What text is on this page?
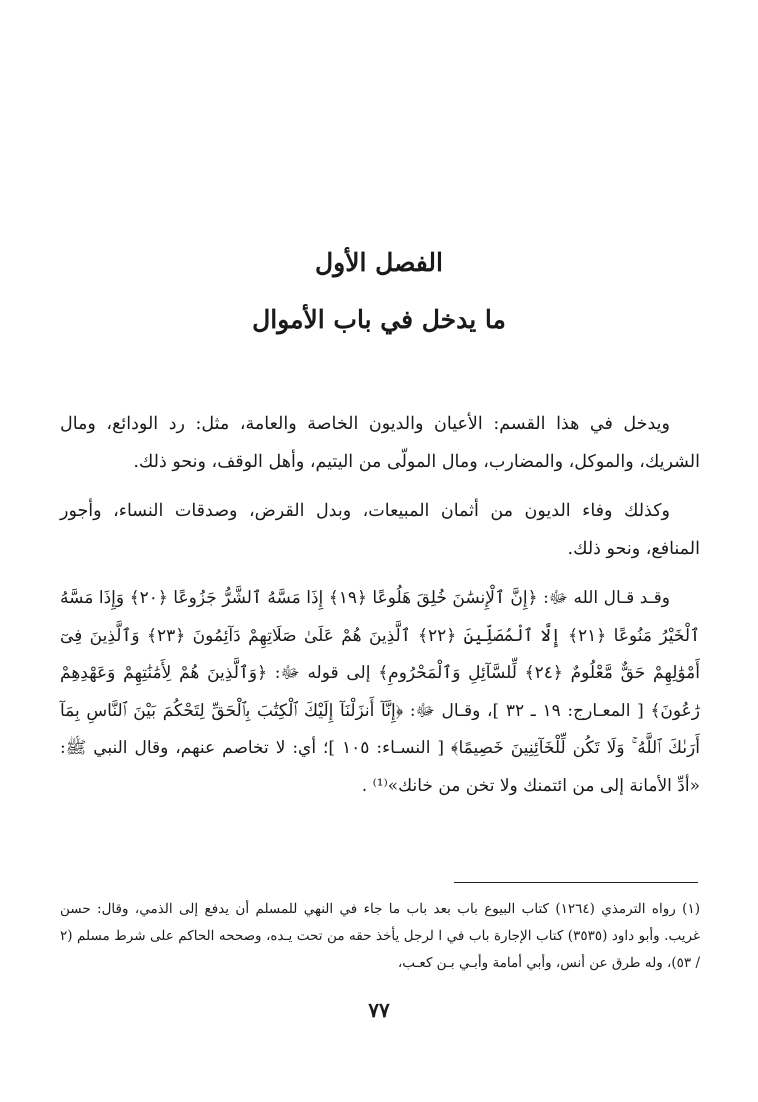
الفصل الأول
ما يدخل في باب الأموال

ويدخل في هذا القسم: الأعيان والديون الخاصة والعامة، مثل: رد الودائع، ومال الشريك، والموكل، والمضارب، ومال المولّى من اليتيم، وأهل الوقف، ونحو ذلك.

وكذلك وفاء الديون من أثمان المبيعات، وبدل القرض، وصدقات النساء، وأجور المنافع، ونحو ذلك.

وقـد قـال الله ﷻ: ﴿إِنَّ ٱلْإِنسَٰنَ خُلِقَ هَلُوعًا ﴿١٩﴾ إِذَا مَسَّهُ ٱلشَّرُّ جَزُوعًا ﴿٢٠﴾ وَإِذَا مَسَّهُ ٱلْخَيْرُ مَنُوعًا ﴿٢١﴾ إِلَّا ٱلْمُصَلِّينَ ﴿٢٢﴾ ٱلَّذِينَ هُمْ عَلَىٰ صَلَاتِهِمْ دَآئِمُونَ ﴿٢٣﴾ وَٱلَّذِينَ فِىٓ أَمْوَٰلِهِمْ حَقٌّ مَّعْلُومٌ ﴿٢٤﴾ لِّلسَّآئِلِ وَٱلْمَحْرُومِ﴾ إلى قوله ﷻ: ﴿وَٱلَّذِينَ هُمْ لِأَمَٰنَٰتِهِمْ وَعَهْدِهِمْ رَٰعُونَ﴾ [ المعـارج: ١٩ ـ ٣٢ ]، وقـال ﷻ: ﴿إِنَّآ أَنزَلْنَآ إِلَيْكَ ٱلْكِتَٰبَ بِٱلْحَقِّ لِتَحْكُمَ بَيْنَ ٱلنَّاسِ بِمَآ أَرَىٰكَ ٱللَّهُ ۚ وَلَا تَكُن لِّلْخَآئِنِينَ خَصِيمًا﴾ [ النسـاء: ١٠٥ ]؛ أي: لا تخاصم عنهم، وقال النبي ﷺ: «أدِّ الأمانة إلى من ائتمنك ولا تخن من خانك»⁽¹⁾ .

(١) رواه الترمذي (١٢٦٤) كتاب البيوع باب بعد باب ما جاء في النهي للمسلم أن يدفع إلى الذمي، وقال: حسن غريب. وأبو داود (٣٥٣٥) كتاب الإجارة باب في ا لرجل يأخذ حقه من تحت يـده، وصححه الحاكم على شرط مسلم (٢ / ٥٣)، وله طرق عن أنس، وأبي أمامة وأبـي بـن كعـب،

٧٧
